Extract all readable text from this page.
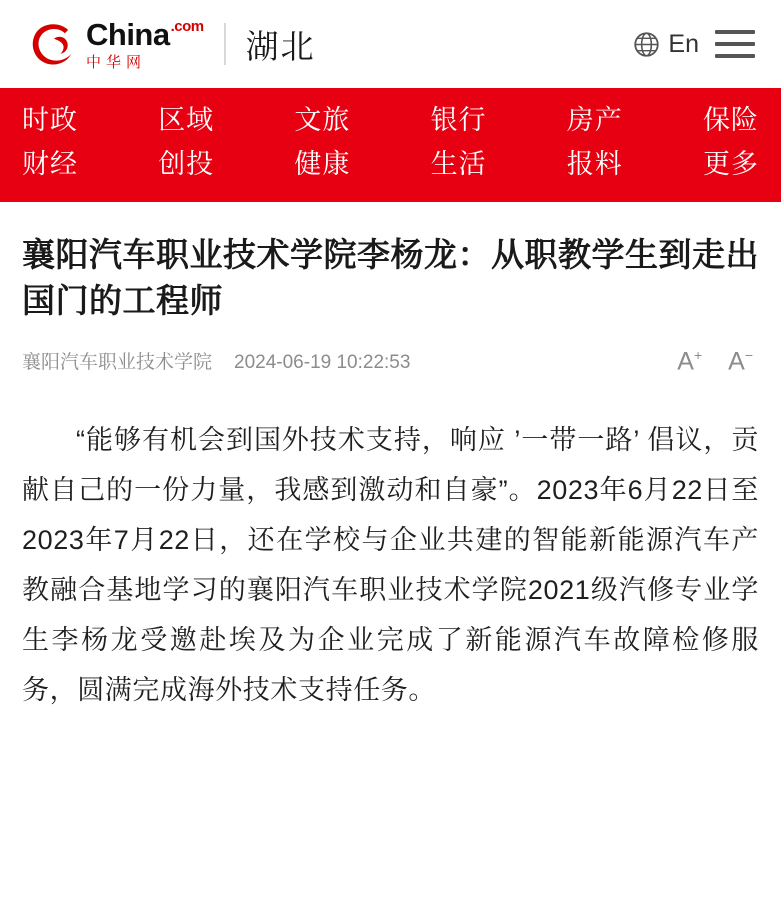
China$^{.com}$
中华网	湖北	En
时政
财经
区域
创投
文旅
健康
银行
生活
房产
报料
保险
更多
襄阳汽车职业技术学院李杨龙：从职教学生到走出国门的工程师
襄阳汽车职业技术学院 2024-06-19 10:22:53	A+ A−

“能够有机会到国外技术支持，响应 ’一带一路’ 倡议，贡献自己的一份力量，我感到激动和自豪”。2023年6月22日至2023年7月22日，还在学校与企业共建的智能新能源汽车产教融合基地学习的襄阳汽车职业技术学院2021级汽修专业学生李杨龙受邀赴埃及为企业完成了新能源汽车故障检修服务，圆满完成海外技术支持任务。
